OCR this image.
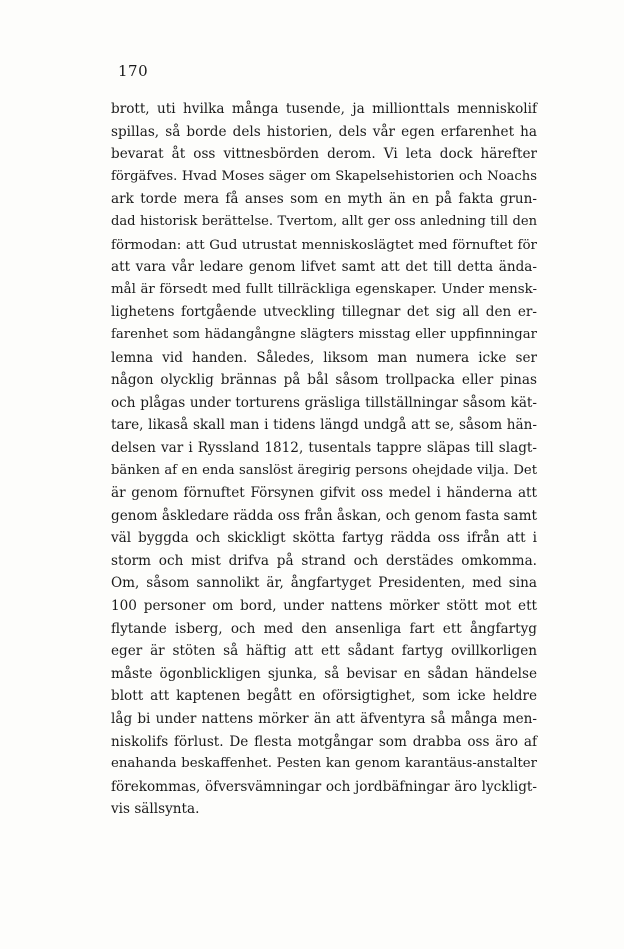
170
brott, uti hvilka många tusende, ja millionttals menniskolif
spillas, så borde dels historien, dels vår egen erfarenhet ha
bevarat åt oss vittnesbörden derom. Vi leta dock härefter
förgäfves. Hvad Moses säger om Skapelsehistorien och Noachs
ark torde mera få anses som en myth än en på fakta grun-
dad historisk berättelse. Tvertom, allt ger oss anledning till den
förmodan: att Gud utrustat menniskoslägtet med förnuftet för
att vara vår ledare genom lifvet samt att det till detta ända-
mål är försedt med fullt tillräckliga egenskaper. Under mensk-
lighetens fortgående utveckling tillegnar det sig all den er-
farenhet som hädangångne slägters misstag eller uppfinningar
lemna vid handen. Således, liksom man numera icke ser
någon olycklig brännas på bål såsom trollpacka eller pinas
och plågas under torturens gräsliga tillställningar såsom kät-
tare, likaså skall man i tidens längd undgå att se, såsom hän-
delsen var i Ryssland 1812, tusentals tappre släpas till slagt-
bänken af en enda sanslöst äregirig persons ohejdade vilja. Det
är genom förnuftet Försynen gifvit oss medel i händerna att
genom åskledare rädda oss från åskan, och genom fasta samt
väl byggda och skickligt skötta fartyg rädda oss ifrån att i
storm och mist drifva på strand och derstädes omkomma.
Om, såsom sannolikt är, ångfartyget Presidenten, med sina
100 personer om bord, under nattens mörker stött mot ett
flytande isberg, och med den ansenliga fart ett ångfartyg
eger är stöten så häftig att ett sådant fartyg ovillkorligen
måste ögonblickligen sjunka, så bevisar en sådan händelse
blott att kaptenen begått en oförsigtighet, som icke heldre
låg bi under nattens mörker än att äfventyra så många men-
niskolifs förlust. De flesta motgångar som drabba oss äro af
enahanda beskaffenhet. Pesten kan genom karantäus-anstalter
förekommas, öfversvämningar och jordbäfningar äro lyckligt-
vis sällsynta.
